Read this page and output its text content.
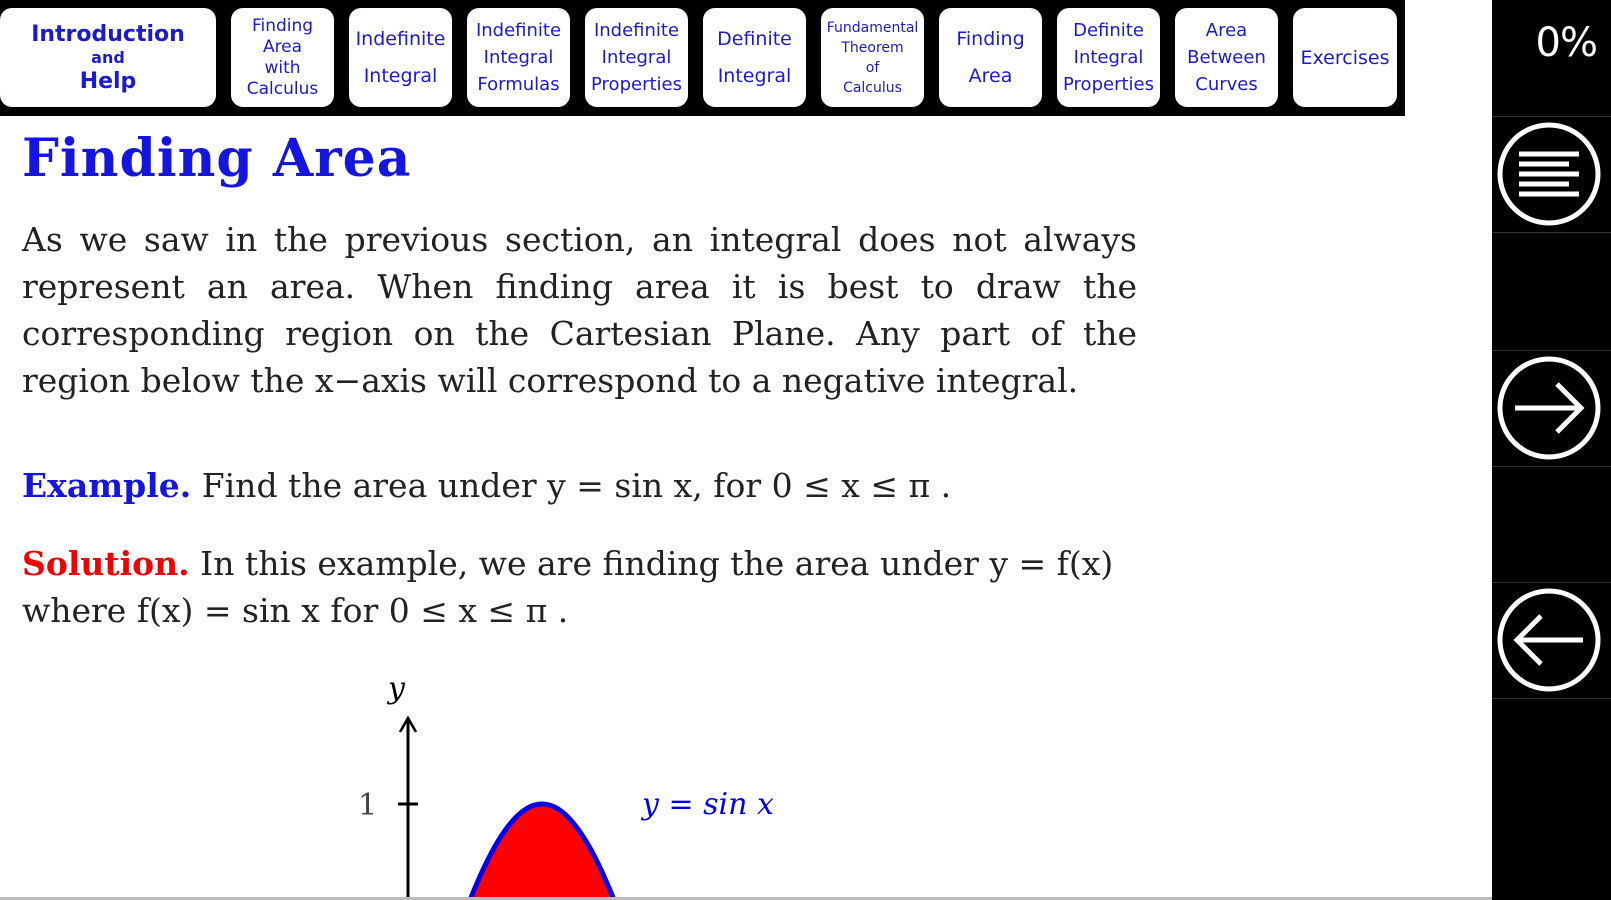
Introduction
and
Help
Finding
Area
with
Calculus
Indefinite
Integral
Indefinite
Integral
Formulas
Indefinite
Integral
Properties
Definite
Integral
Fundamental
Theorem
of
Calculus
Finding
Area
Definite
Integral
Properties
Area
Between
Curves
Exercises	0%
Finding Area

As we saw in the previous section, an integral does not always represent an area. When finding area it is best to draw the corresponding region on the Cartesian Plane. Any part of the region below the x−axis will correspond to a negative integral.

Example. Find the area under y = sin x, for 0 ≤ x ≤ π .

Solution. In this example, we are finding the area under y = f(x) where f(x) = sin x for 0 ≤ x ≤ π .

y
1	y = sin x
